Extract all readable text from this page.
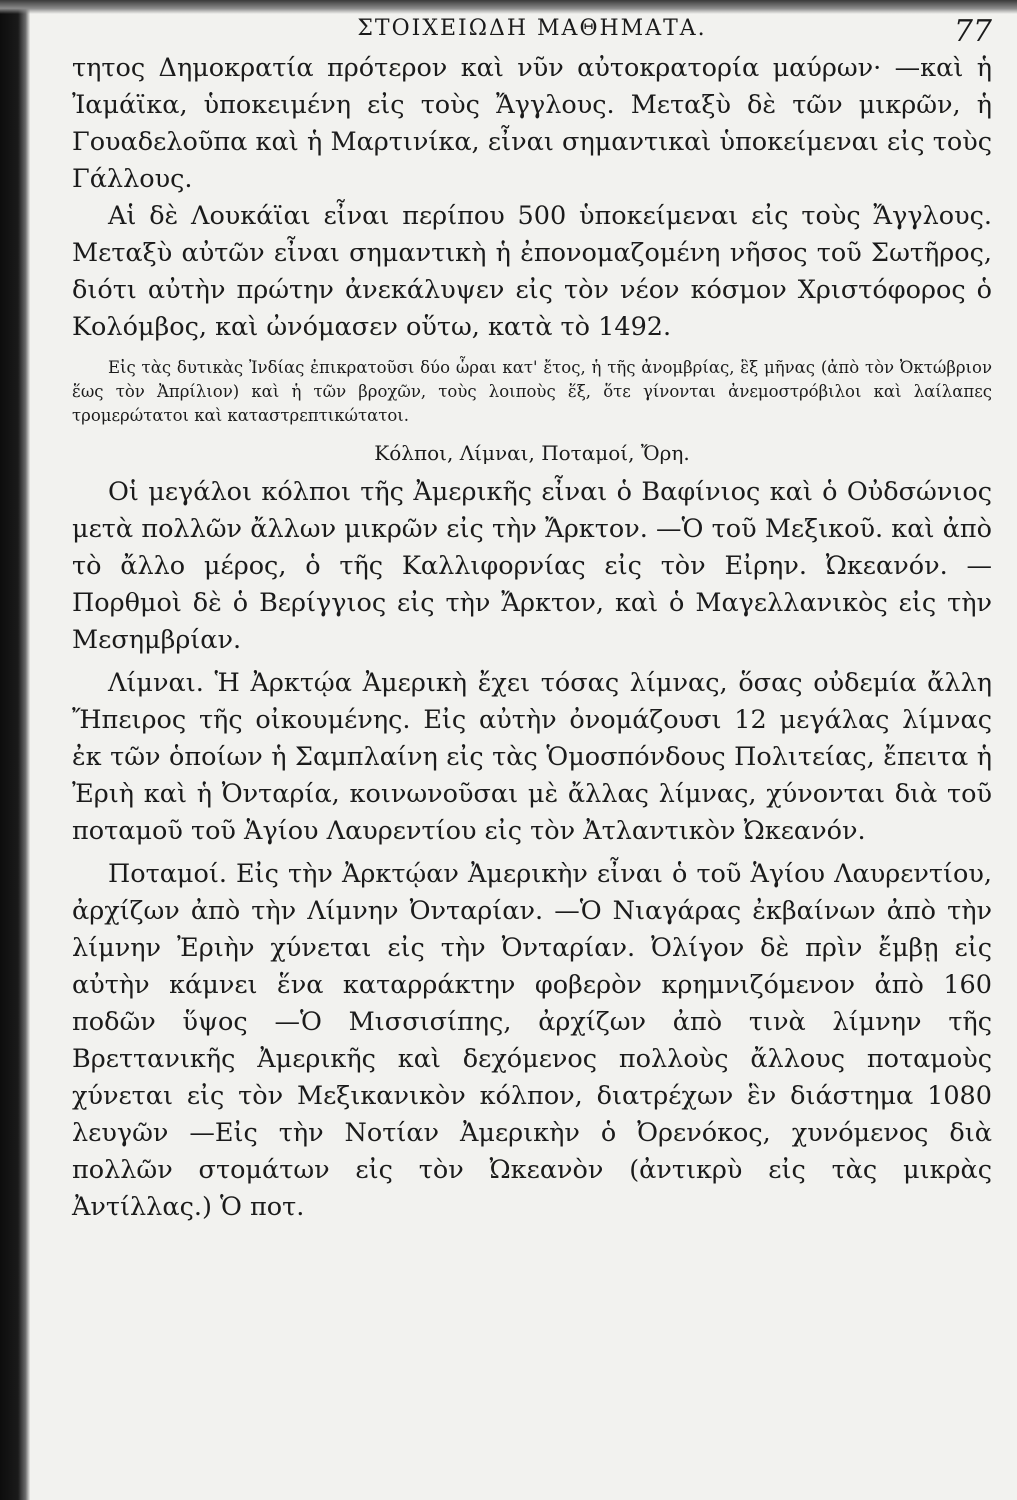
ΣΤΟΙΧΕΙΩΔΗ ΜΑΘΗΜΑΤΑ.	77

τητος Δημοκρατία πρότερον καὶ νῦν αὐτοκρατορία μαύρων· —καὶ ἡ Ἰαμάϊκα, ὑποκειμένη εἰς τοὺς Ἄγγλους. Μεταξὺ δὲ τῶν μικρῶν, ἡ Γουαδελοῦπα καὶ ἡ Μαρτινίκα, εἶναι σημαντικαὶ ὑποκείμεναι εἰς τοὺς Γάλλους.

Αἱ δὲ Λουκάϊαι εἶναι περίπου 500 ὑποκείμεναι εἰς τοὺς Ἄγγλους. Μεταξὺ αὐτῶν εἶναι σημαντικὴ ἡ ἐπονομαζομένη νῆσος τοῦ Σωτῆρος, διότι αὐτὴν πρώτην ἀνεκάλυψεν εἰς τὸν νέον κόσμον Χριστόφορος ὁ Κολόμβος, καὶ ὠνόμασεν οὕτω, κατὰ τὸ 1492.

Εἰς τὰς δυτικὰς Ἰνδίας ἐπικρατοῦσι δύο ὧραι κατ' ἔτος, ἡ τῆς ἀνομβρίας, ἓξ μῆνας (ἀπὸ τὸν Ὀκτώβριον ἕως τὸν Ἀπρίλιον) καὶ ἡ τῶν βροχῶν, τοὺς λοιποὺς ἕξ, ὅτε γίνονται ἀνεμοστρόβιλοι καὶ λαίλαπες τρομερώτατοι καὶ καταστρεπτικώτατοι.

Κόλποι, Λίμναι, Ποταμοί, Ὄρη.

Οἱ μεγάλοι κόλποι τῆς Ἀμερικῆς εἶναι ὁ Βαφίνιος καὶ ὁ Οὐδσώνιος μετὰ πολλῶν ἄλλων μικρῶν εἰς τὴν Ἄρκτον. —Ὁ τοῦ Μεξικοῦ. καὶ ἀπὸ τὸ ἄλλο μέρος, ὁ τῆς Καλλιφορνίας εἰς τὸν Εἰρην. Ὠκεανόν. — Πορθμοὶ δὲ ὁ Βερίγγιος εἰς τὴν Ἄρκτον, καὶ ὁ Μαγελλανικὸς εἰς τὴν Μεσημβρίαν.

Λίμναι. Ἡ Ἀρκτῴα Ἀμερικὴ ἔχει τόσας λίμνας, ὅσας οὐδεμία ἄλλη Ἤπειρος τῆς οἰκουμένης. Εἰς αὐτὴν ὀνομάζουσι 12 μεγάλας λίμνας ἐκ τῶν ὁποίων ἡ Σαμπλαίνη εἰς τὰς Ὁμοσπόνδους Πολιτείας, ἔπειτα ἡ Ἐριὴ καὶ ἡ Ὀνταρία, κοινωνοῦσαι μὲ ἄλλας λίμνας, χύνονται διὰ τοῦ ποταμοῦ τοῦ Ἁγίου Λαυρεντίου εἰς τὸν Ἀτλαντικὸν Ὠκεανόν.

Ποταμοί. Εἰς τὴν Ἀρκτῴαν Ἀμερικὴν εἶναι ὁ τοῦ Ἁγίου Λαυρεντίου, ἀρχίζων ἀπὸ τὴν Λίμνην Ὀνταρίαν. —Ὁ Νιαγάρας ἐκβαίνων ἀπὸ τὴν λίμνην Ἐριὴν χύνεται εἰς τὴν Ὀνταρίαν. Ὀλίγον δὲ πρὶν ἔμβῃ εἰς αὐτὴν κάμνει ἕνα καταρράκτην φοβερὸν κρημνιζόμενον ἀπὸ 160 ποδῶν ὕψος —Ὁ Μισσισίπης, ἀρχίζων ἀπὸ τινὰ λίμνην τῆς Βρεττανικῆς Ἀμερικῆς καὶ δεχόμενος πολλοὺς ἄλλους ποταμοὺς χύνεται εἰς τὸν Μεξικανικὸν κόλπον, διατρέχων ἓν διάστημα 1080 λευγῶν —Εἰς τὴν Νοτίαν Ἀμερικὴν ὁ Ὀρενόκος, χυνόμενος διὰ πολλῶν στομάτων εἰς τὸν Ὠκεανὸν (ἀντικρὺ εἰς τὰς μικρὰς Ἀντίλλας.) Ὁ ποτ.
